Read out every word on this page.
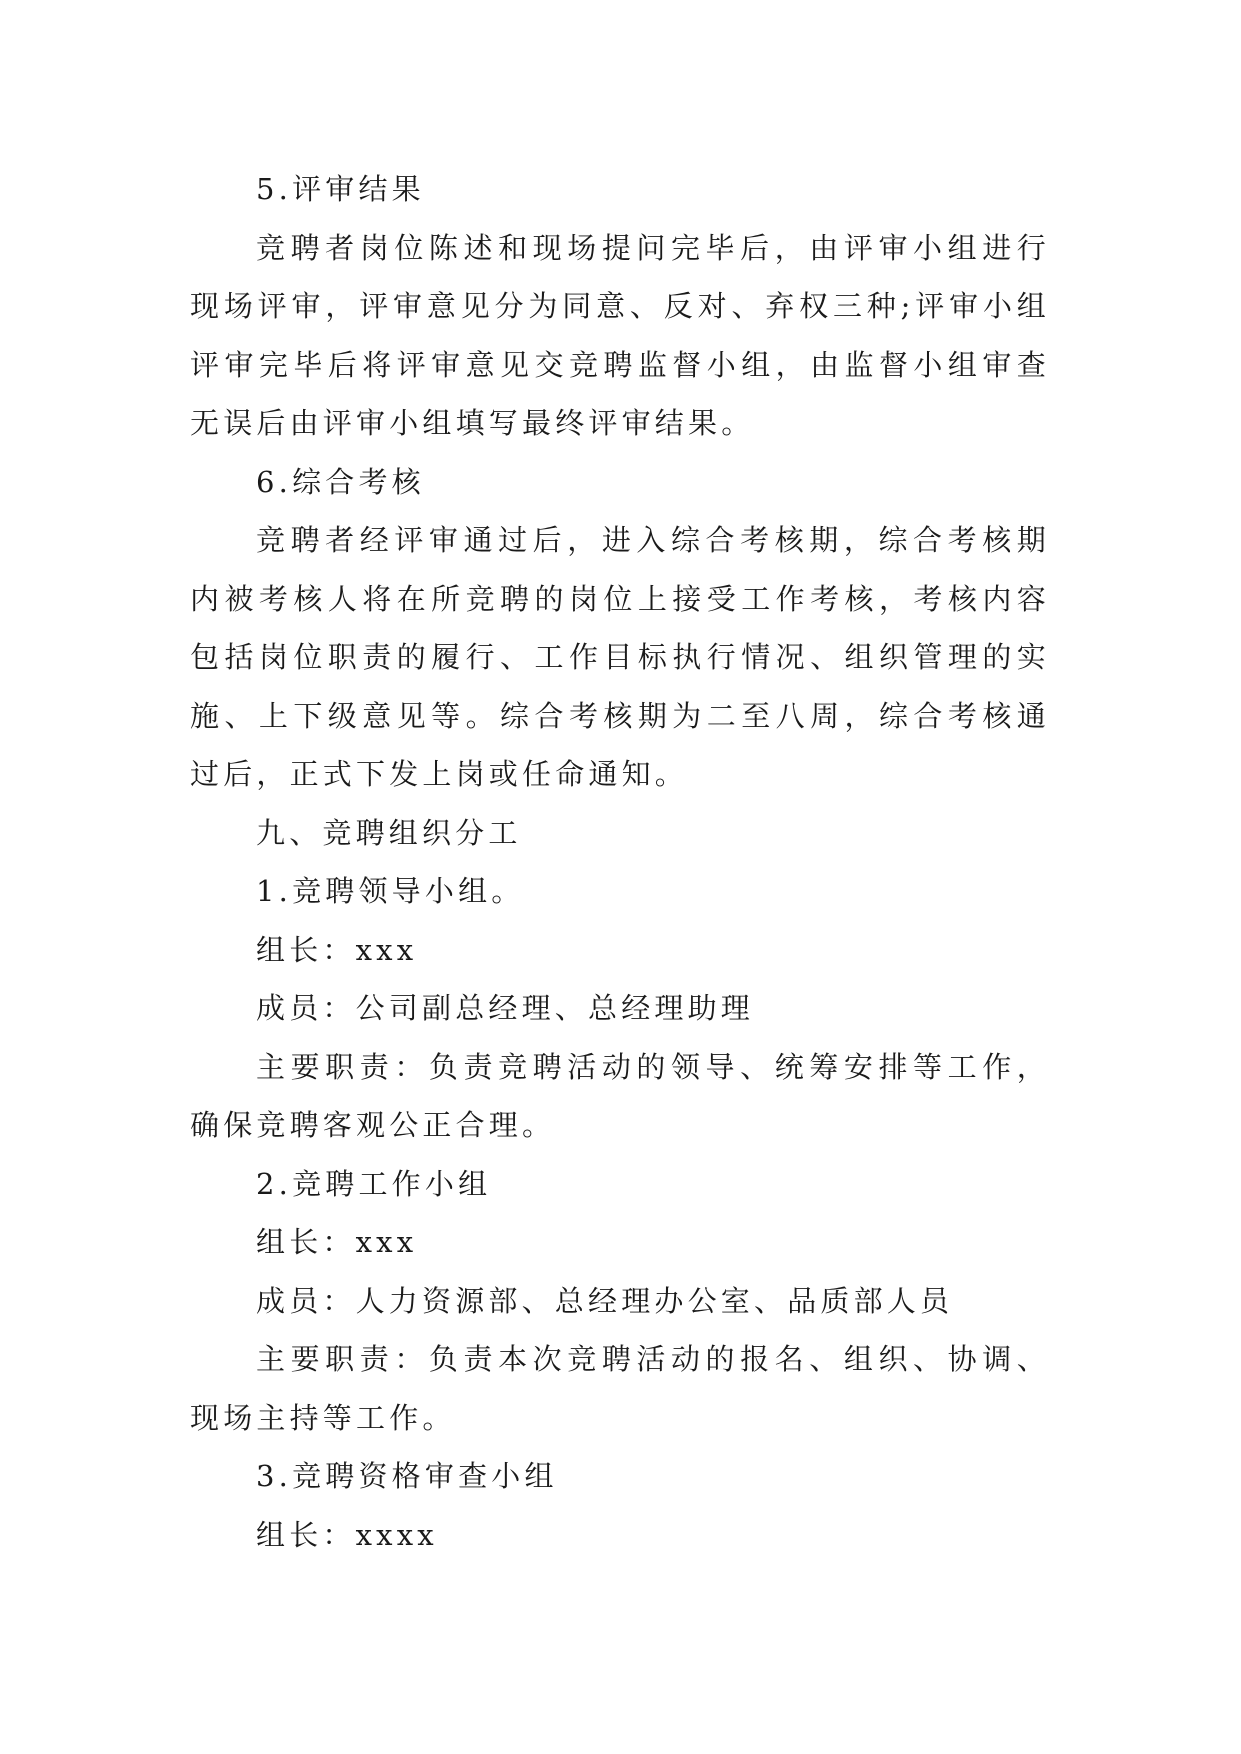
5.评审结果

竞聘者岗位陈述和现场提问完毕后，由评审小组进行现场评审，评审意见分为同意、反对、弃权三种;评审小组评审完毕后将评审意见交竞聘监督小组，由监督小组审查无误后由评审小组填写最终评审结果。

6.综合考核

竞聘者经评审通过后，进入综合考核期，综合考核期内被考核人将在所竞聘的岗位上接受工作考核，考核内容包括岗位职责的履行、工作目标执行情况、组织管理的实施、上下级意见等。综合考核期为二至八周，综合考核通过后，正式下发上岗或任命通知。

九、竞聘组织分工

1.竞聘领导小组。

组长：xxx

成员：公司副总经理、总经理助理

主要职责：负责竞聘活动的领导、统筹安排等工作，确保竞聘客观公正合理。

2.竞聘工作小组

组长：xxx

成员：人力资源部、总经理办公室、品质部人员

主要职责：负责本次竞聘活动的报名、组织、协调、现场主持等工作。

3.竞聘资格审查小组

组长：xxxx
